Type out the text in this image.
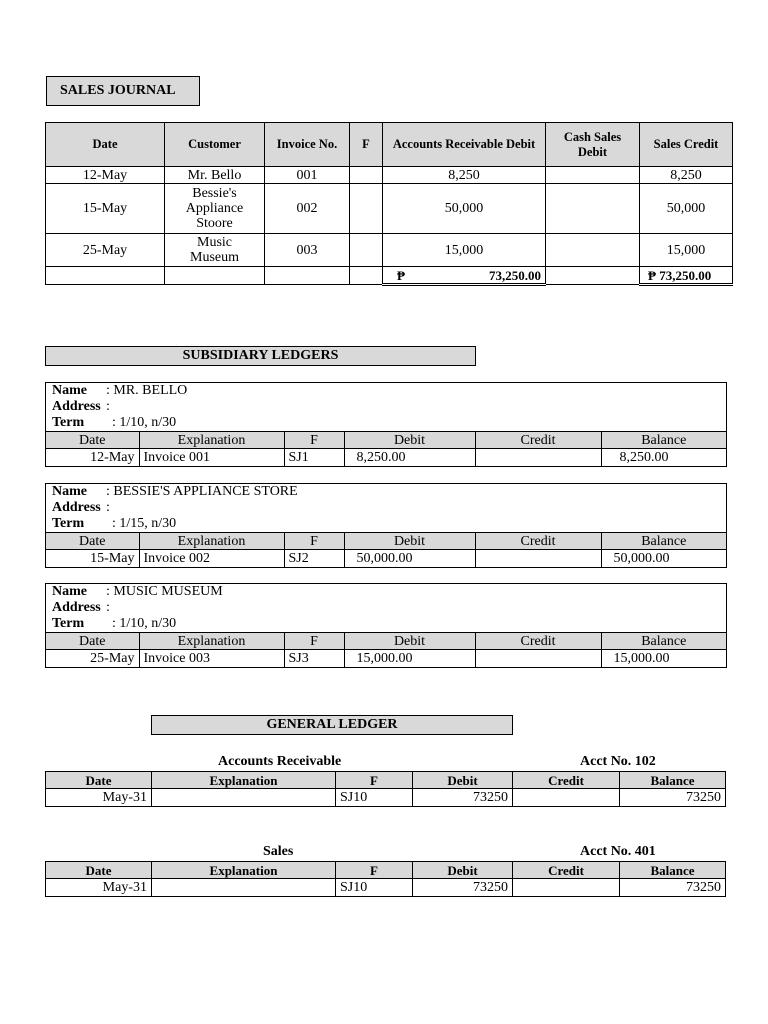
SALES JOURNAL
Date	Customer	Invoice No.	F	Accounts Receivable Debit	Cash Sales Debit	Sales Credit
12-May	Mr. Bello	001		8,250		8,250
15-May	Bessie's Appliance Stoore	002		50,000		50,000
25-May	Music Museum	003		15,000		15,000
				₱ 73,250.00		₱ 73,250.00
SUBSIDIARY LEDGERS
Name : MR. BELLO
Address :
Term : 1/10, n/30
Date	Explanation	F	Debit	Credit	Balance
12-May	Invoice 001	SJ1	8,250.00		8,250.00
Name : BESSIE'S APPLIANCE STORE
Address :
Term : 1/15, n/30
Date	Explanation	F	Debit	Credit	Balance
15-May	Invoice 002	SJ2	50,000.00		50,000.00
Name : MUSIC MUSEUM
Address :
Term : 1/10, n/30
Date	Explanation	F	Debit	Credit	Balance
25-May	Invoice 003	SJ3	15,000.00		15,000.00
GENERAL LEDGER
Accounts Receivable	Acct No. 102
Date	Explanation	F	Debit	Credit	Balance
May-31		SJ10	73250		73250
Sales	Acct No. 401
Date	Explanation	F	Debit	Credit	Balance
May-31		SJ10	73250		73250
